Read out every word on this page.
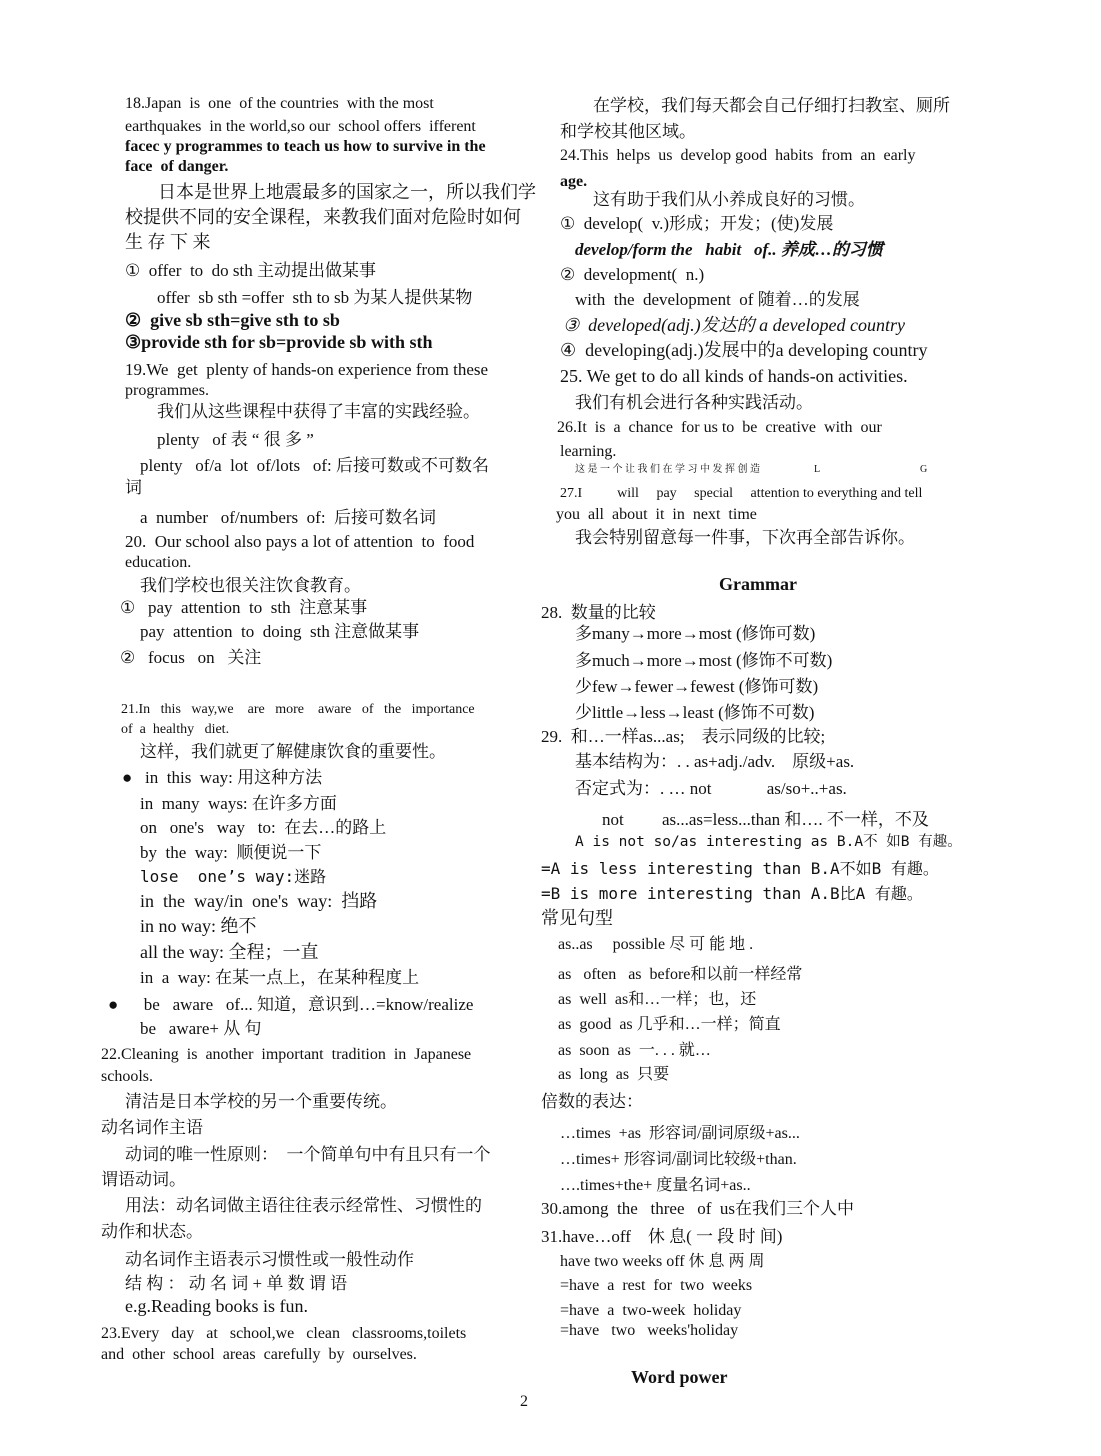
18.Japan  is  one  of the countries  with the most
earthquakes  in the world,so our  school offers  ifferent
facec y programmes to teach us how to survive in the
face  of danger.
日本是世界上地震最多的国家之一，所以我们学
校提供不同的安全课程，来教我们面对危险时如何
生 存 下 来
①  offer  to  do sth 主动提出做某事
offer  sb sth =offer  sth to sb 为某人提供某物
②  give sb sth=give sth to sb
③provide sth for sb=provide sb with sth
19.We  get  plenty of hands-on experience from these
programmes.
我们从这些课程中获得了丰富的实践经验。
plenty   of 表 “ 很 多 ”
plenty   of/a  lot  of/lots   of: 后接可数或不可数名
词
a  number   of/numbers  of:  后接可数名词
20.  Our school also pays a lot of attention  to  food
education.
我们学校也很关注饮食教育。
①   pay  attention  to  sth  注意某事
pay  attention  to  doing  sth 注意做某事
②   focus   on   关注
21.In   this   way,we    are   more    aware   of   the   importance
of  a  healthy   diet.
这样，我们就更了解健康饮食的重要性。
●   in  this  way: 用这种方法
in  many  ways: 在许多方面
on   one's   way   to:  在去…的路上
by  the  way:  顺便说一下
lose  one’s way:迷路
in  the  way/in  one's  way:  挡路
in no way: 绝不
all the way: 全程；一直
in  a  way: 在某一点上，在某种程度上
●      be   aware   of... 知道，意识到…=know/realize
be   aware+ 从 句
22.Cleaning  is  another  important  tradition  in  Japanese
schools.
清洁是日本学校的另一个重要传统。
动名词作主语
动词的唯一性原则：  一个简单句中有且只有一个
谓语动词。
用法：动名词做主语往往表示经常性、习惯性的
动作和状态。
动名词作主语表示习惯性或一般性动作
结 构 ： 动 名 词 + 单 数 谓 语
e.g.Reading books is fun.
23.Every   day   at   school,we   clean   classrooms,toilets
and  other  school  areas  carefully  by  ourselves.
在学校，我们每天都会自己仔细打扫教室、厕所
和学校其他区域。
24.This  helps  us  develop good  habits  from  an  early
age.
这有助于我们从小养成良好的习惯。
①  develop(  v.)形成；开发；(使)发展
develop/form the   habit   of.. 养成…的习惯
②  development(  n.)
with  the  development  of 随着…的发展
③  developed(adj.)发达的 a developed country
④  developing(adj.)发展中的a developing country
25. We get to do all kinds of hands-on activities.
我们有机会进行各种实践活动。
26.It  is  a  chance  for us to  be  creative  with  our
learning.
这 是 一 个 让 我 们 在 学 习 中 发 挥 创 造	L	G
27.I          will     pay     special     attention to everything and tell
you  all  about  it  in  next  time
我会特别留意每一件事，下次再全部告诉你。
Grammar
28.  数量的比较
多many→more→most (修饰可数)
多much→more→most (修饰不可数)
少few→fewer→fewest (修饰可数)
少little→less→least (修饰不可数)
29.  和…一样as...as;    表示同级的比较;
基本结构为：. . as+adj./adv.    原级+as.
否定式为：. … not             as/so+..+as.
not         as...as=less...than 和…. 不一样，不及
A is not so/as interesting as B.A不 如B 有趣。
=A is less interesting than B.A不如B 有趣。
=B is more interesting than A.B比A 有趣。
常见句型
as..as     possible 尽 可 能 地 .
as   often   as  before和以前一样经常
as  well  as和…一样；也，还
as  good  as 几乎和…一样；简直
as  soon  as  一. . . 就…
as  long  as  只要
倍数的表达：
…times  +as  形容词/副词原级+as...
…times+ 形容词/副词比较级+than.
….times+the+ 度量名词+as..
30.among  the   three   of  us在我们三个人中
31.have…off    休 息( 一 段 时 间)
have two weeks off 休 息 两 周
=have  a  rest  for  two  weeks
=have  a  two-week  holiday
=have   two   weeks'holiday
Word power
2
